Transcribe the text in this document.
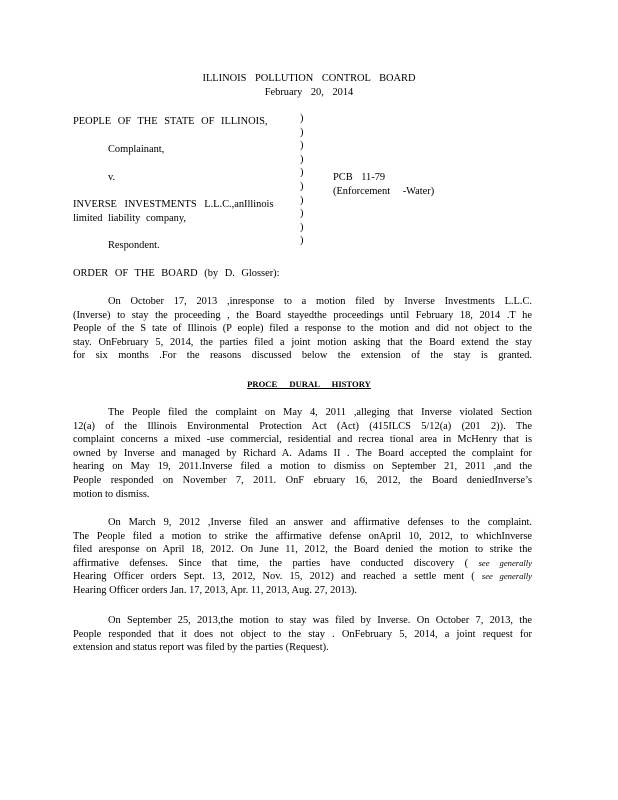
ILLINOIS POLLUTION CONTROL BOARD
February 20, 2014
PEOPLE OF THE STATE OF ILLINOIS,
Complainant,
v.
INVERSE INVESTMENTS L.L.C.,anIllinois
limited liability company,
Respondent.
)
)
)
)
)
)
)
)
)
)
PCB 11-79
(Enforcement -Water)
ORDER OF THE BOARD (by D. Glosser):
On October 17, 2013 ,inresponse to a motion filed by Inverse Investments L.L.C.
(Inverse) to stay the proceeding , the Board stayedthe proceedings until February 18, 2014 .T he
People of the S tate of Illinois (P eople) filed a response to the motion and did not object to the
stay. OnFebruary 5, 2014, the parties filed a joint motion asking that the Board extend the stay
for six months .For the reasons discussed below the extension of the stay is granted.
PROCE DURAL HISTORY
The People filed the complaint on May 4, 2011 ,alleging that Inverse violated Section
12(a) of the Illinois Environmental Protection Act (Act) (415ILCS 5/12(a) (201 2)). The
complaint concerns a mixed -use commercial, residential and recrea tional area in McHenry that is
owned by Inverse and managed by Richard A. Adams II . The Board accepted the complaint for
hearing on May 19, 2011.Inverse filed a motion to dismiss on September 21, 2011 ,and the
People responded on November 7, 2011. OnF ebruary 16, 2012, the Board deniedInverse’s
motion to dismiss.
On March 9, 2012 ,Inverse filed an answer and affirmative defenses to the complaint.
The People filed a motion to strike the affirmative defense onApril 10, 2012, to whichInverse
filed aresponse on April 18, 2012. On June 11, 2012, the Board denied the motion to strike the
affirmative defenses. Since that time, the parties have conducted discovery ( see generally
Hearing Officer orders Sept. 13, 2012, Nov. 15, 2012) and reached a settle ment ( see generally
Hearing Officer orders Jan. 17, 2013, Apr. 11, 2013, Aug. 27, 2013).
On September 25, 2013,the motion to stay was filed by Inverse. On October 7, 2013, the
People responded that it does not object to the stay . OnFebruary 5, 2014, a joint request for
extension and status report was filed by the parties (Request).
